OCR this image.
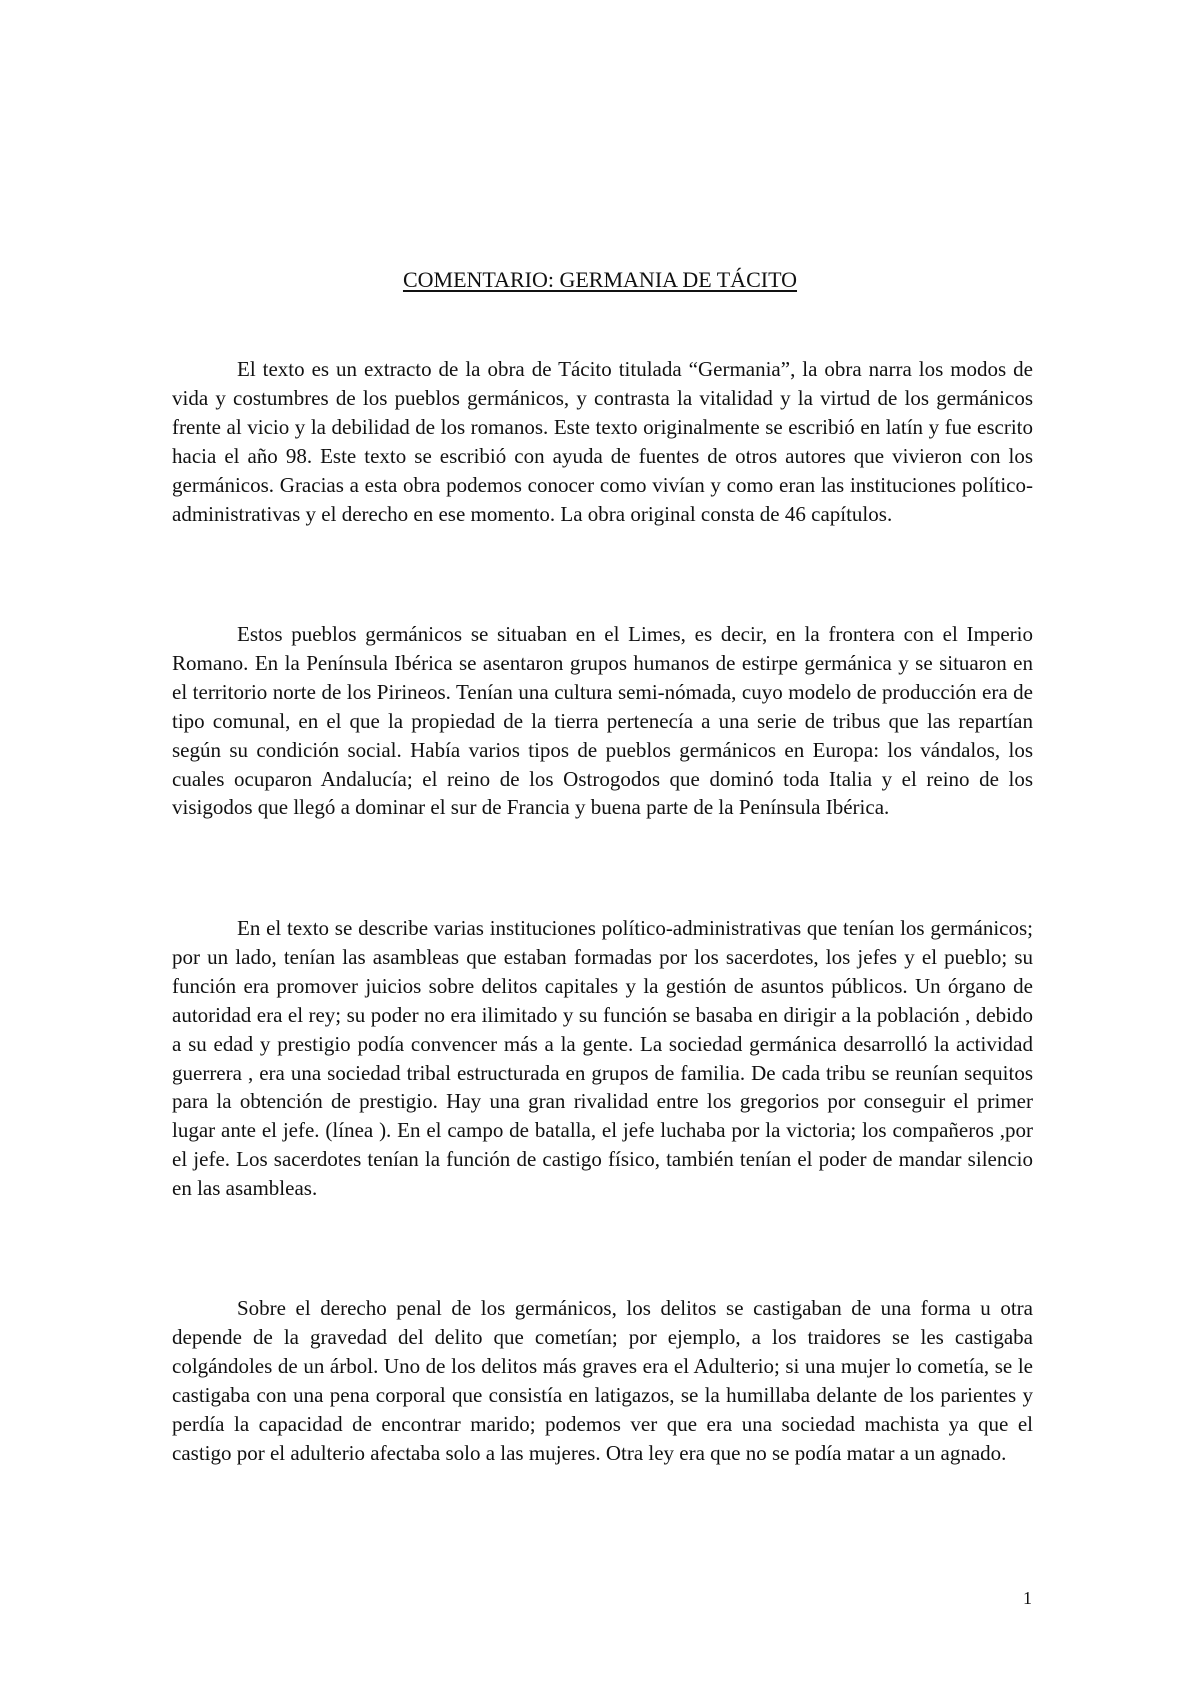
COMENTARIO: GERMANIA DE TÁCITO

El texto es un extracto de la obra de Tácito titulada “Germania”, la obra narra los modos de vida y costumbres de los pueblos germánicos, y contrasta la vitalidad y la virtud de los germánicos frente al vicio y la debilidad de los romanos. Este texto originalmente se escribió en latín y fue escrito hacia el año 98. Este texto se escribió con ayuda de fuentes de otros autores que vivieron con los germánicos. Gracias a esta obra podemos conocer como vivían y como eran las instituciones político-administrativas y el derecho en ese momento. La obra original consta de 46 capítulos.

Estos pueblos germánicos se situaban en el Limes, es decir, en la frontera con el Imperio Romano. En la Península Ibérica se asentaron grupos humanos de estirpe germánica y se situaron en el territorio norte de los Pirineos. Tenían una cultura semi-nómada, cuyo modelo de producción era de tipo comunal, en el que la propiedad de la tierra pertenecía a una serie de tribus que las repartían según su condición social. Había varios tipos de pueblos germánicos en Europa: los vándalos, los cuales ocuparon Andalucía; el reino de los Ostrogodos que dominó toda Italia y el reino de los visigodos que llegó a dominar el sur de Francia y buena parte de la Península Ibérica.

En el texto se describe varias instituciones político-administrativas que tenían los germánicos; por un lado, tenían las asambleas que estaban formadas por los sacerdotes, los jefes y el pueblo; su función era promover juicios sobre delitos capitales y la gestión de asuntos públicos. Un órgano de autoridad era el rey; su poder no era ilimitado y su función se basaba en dirigir a la población , debido a su edad y prestigio podía convencer más a la gente. La sociedad germánica desarrolló la actividad guerrera , era una sociedad tribal estructurada en grupos de familia. De cada tribu se reunían sequitos para la obtención de prestigio. Hay una gran rivalidad entre los gregorios por conseguir el primer lugar ante el jefe. (línea ). En el campo de batalla, el jefe luchaba por la victoria; los compañeros ,por el jefe. Los sacerdotes tenían la función de castigo físico, también tenían el poder de mandar silencio en las asambleas.

Sobre el derecho penal de los germánicos, los delitos se castigaban de una forma u otra depende de la gravedad del delito que cometían; por ejemplo, a los traidores se les castigaba colgándoles de un árbol. Uno de los delitos más graves era el Adulterio; si una mujer lo cometía, se le castigaba con una pena corporal que consistía en latigazos, se la humillaba delante de los parientes y perdía la capacidad de encontrar marido; podemos ver que era una sociedad machista ya que el castigo por el adulterio afectaba solo a las mujeres. Otra ley era que no se podía matar a un agnado.

1
